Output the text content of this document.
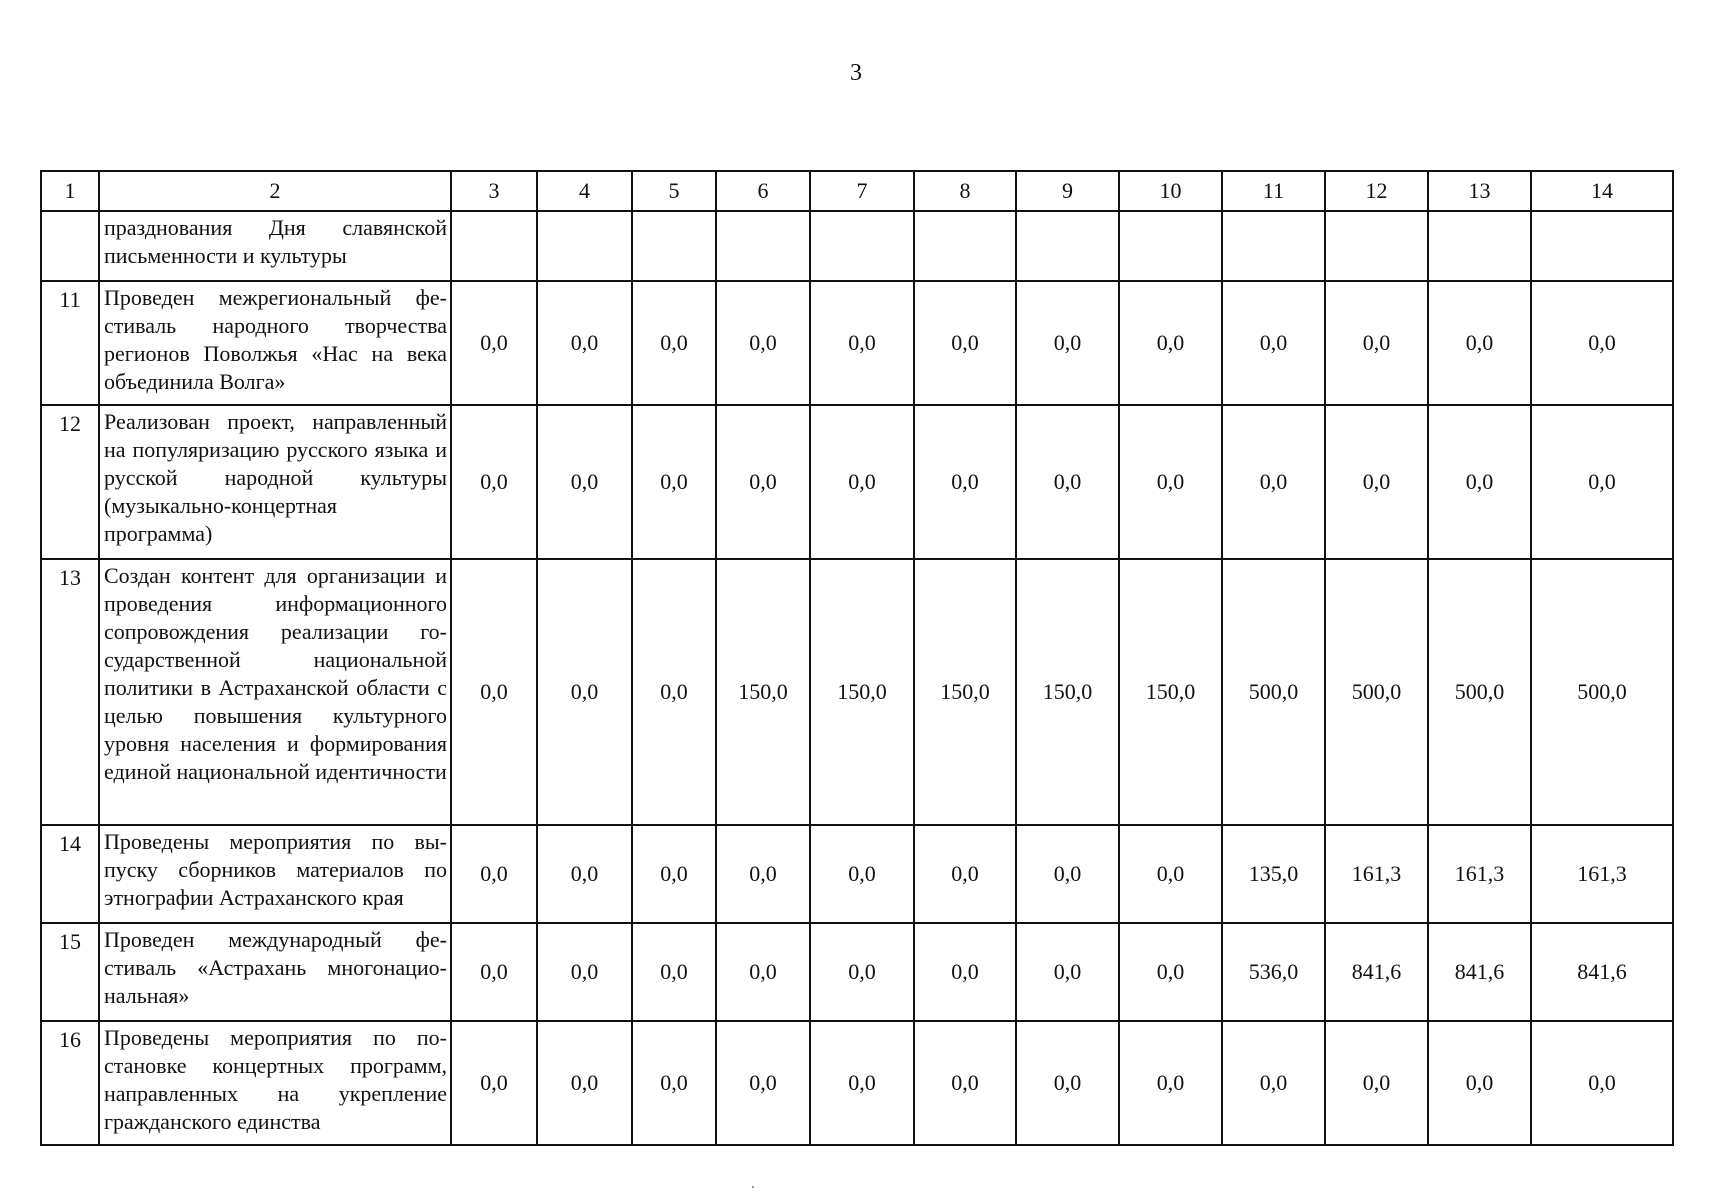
3
1	2	3	4	5	6	7	8	9	10	11	12	13	14
	празднования Дня славянской письменности и культуры												
11	Проведен межрегиональный фестиваль народного творчества регионов Поволжья «Нас на века объединила Волга»	0,0	0,0	0,0	0,0	0,0	0,0	0,0	0,0	0,0	0,0	0,0	0,0
12	Реализован проект, направленный на популяризацию русского языка и русской народной культуры (музыкально-концертная программа)	0,0	0,0	0,0	0,0	0,0	0,0	0,0	0,0	0,0	0,0	0,0	0,0
13	Создан контент для организации и проведения информационного сопровождения реализации государственной национальной политики в Астраханской области с целью повышения культурного уровня населения и формирования единой национальной идентичности	0,0	0,0	0,0	150,0	150,0	150,0	150,0	150,0	500,0	500,0	500,0	500,0
14	Проведены мероприятия по выпуску сборников материалов по этнографии Астраханского края	0,0	0,0	0,0	0,0	0,0	0,0	0,0	0,0	135,0	161,3	161,3	161,3
15	Проведен международный фестиваль «Астрахань многонациональная»	0,0	0,0	0,0	0,0	0,0	0,0	0,0	0,0	536,0	841,6	841,6	841,6
16	Проведены мероприятия по постановке концертных программ, направленных на укрепление гражданского единства	0,0	0,0	0,0	0,0	0,0	0,0	0,0	0,0	0,0	0,0	0,0	0,0
